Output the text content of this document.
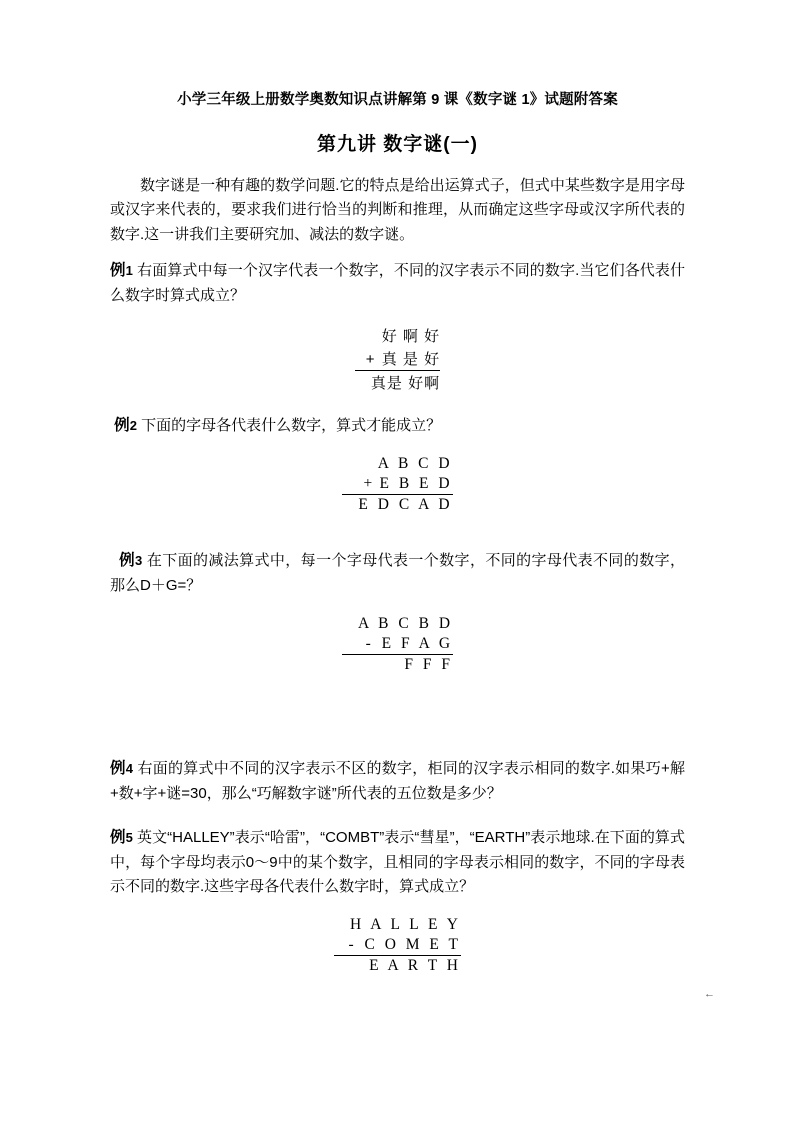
小学三年级上册数学奥数知识点讲解第 9 课《数字谜 1》试题附答案
第九讲 数字谜(一)
数字谜是一种有趣的数学问题.它的特点是给出运算式子，但式中某些数字是用字母或汉字来代表的，要求我们进行恰当的判断和推理，从而确定这些字母或汉字所代表的数字.这一讲我们主要研究加、减法的数字谜。
例1 右面算式中每一个汉字代表一个数字，不同的汉字表示不同的数字.当它们各代表什么数字时算式成立？
好 啊 好
+ 真 是 好
真是 好啊
例2 下面的字母各代表什么数字，算式才能成立？
A B C D
+ E B E D
E D C A D
例3 在下面的减法算式中，每一个字母代表一个数字，不同的字母代表不同的数字，那么D＋G=？
A B C B D
- E F A G
F F F
例4 右面的算式中不同的汉字表示不区的数字，柜同的汉字表示相同的数字.如果巧+解+数+字+谜=30，那么“巧解数字谜”所代表的五位数是多少？
例5 英文“HALLEY”表示“哈雷”，“COMBT”表示“彗星”，“EARTH”表示地球.在下面的算式中，每个字母均表示0～9中的某个数字，且相同的字母表示相同的数字，不同的字母表示不同的数字.这些字母各代表什么数字时，算式成立？
H A L L E Y
- C O M E T
E A R T H
←
